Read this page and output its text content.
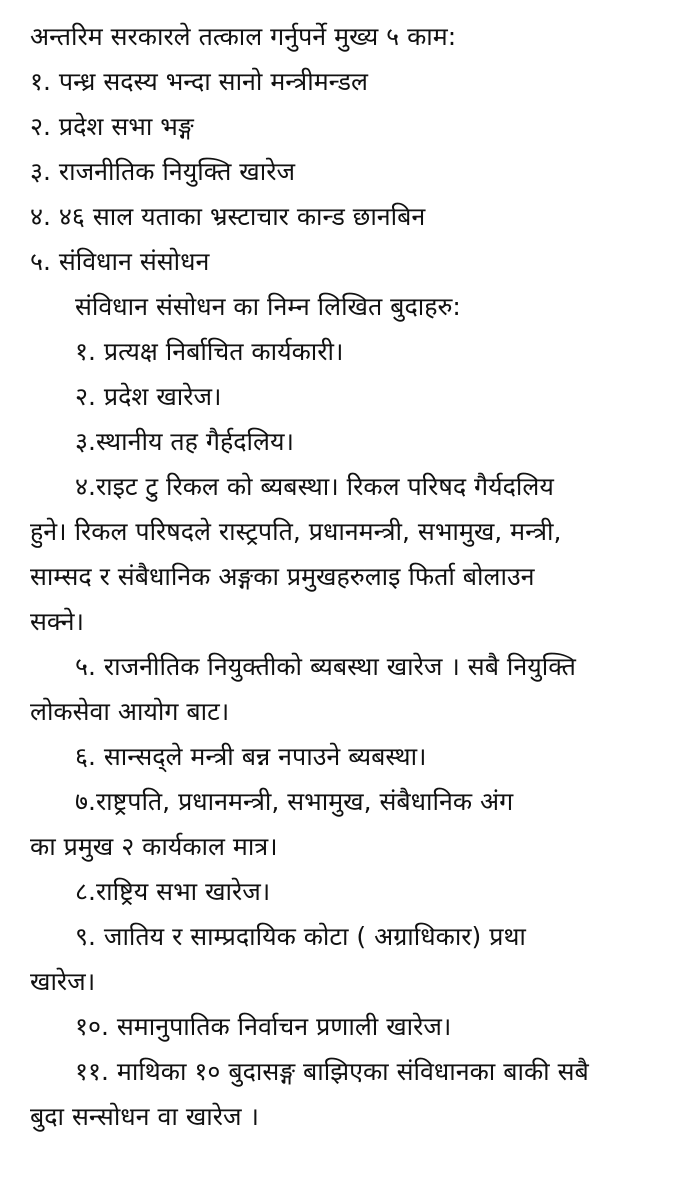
अन्तरिम सरकारले तत्काल गर्नुपर्ने मुख्य ५ काम:
१. पन्ध्र सदस्य भन्दा सानो मन्त्रीमन्डल
२. प्रदेश सभा भङ्ग
३. राजनीतिक नियुक्ति खारेज
४. ४६ साल यताका भ्रस्टाचार कान्ड छानबिन
५. संविधान संसोधन
संविधान संसोधन का निम्न लिखित बुदाहरु:
१. प्रत्यक्ष निर्बाचित कार्यकारी।
२. प्रदेश खारेज।
३.स्थानीय तह गैर्हदलिय।
४.राइट टु रिकल को ब्यबस्था। रिकल परिषद गैर्यदलिय
हुने। रिकल परिषदले रास्ट्रपति, प्रधानमन्त्री, सभामुख, मन्त्री,
साम्सद र संबैधानिक अङ्गका प्रमुखहरुलाइ फिर्ता बोलाउन
सक्ने।
५. राजनीतिक नियुक्तीको ब्यबस्था खारेज । सबै नियुक्ति
लोकसेवा आयोग बाट।
६. सान्सद्ले मन्त्री बन्न नपाउने ब्यबस्था।
७.राष्ट्रपति, प्रधानमन्त्री, सभामुख, संबैधानिक अंग
का प्रमुख २ कार्यकाल मात्र।
८.राष्ट्रिय सभा खारेज।
९. जातिय र साम्प्रदायिक कोटा ( अग्राधिकार) प्रथा
खारेज।
१०. समानुपातिक निर्वाचन प्रणाली खारेज।
११. माथिका १० बुदासङ्ग बाझिएका संविधानका बाकी सबै
बुदा सन्सोधन वा खारेज ।
